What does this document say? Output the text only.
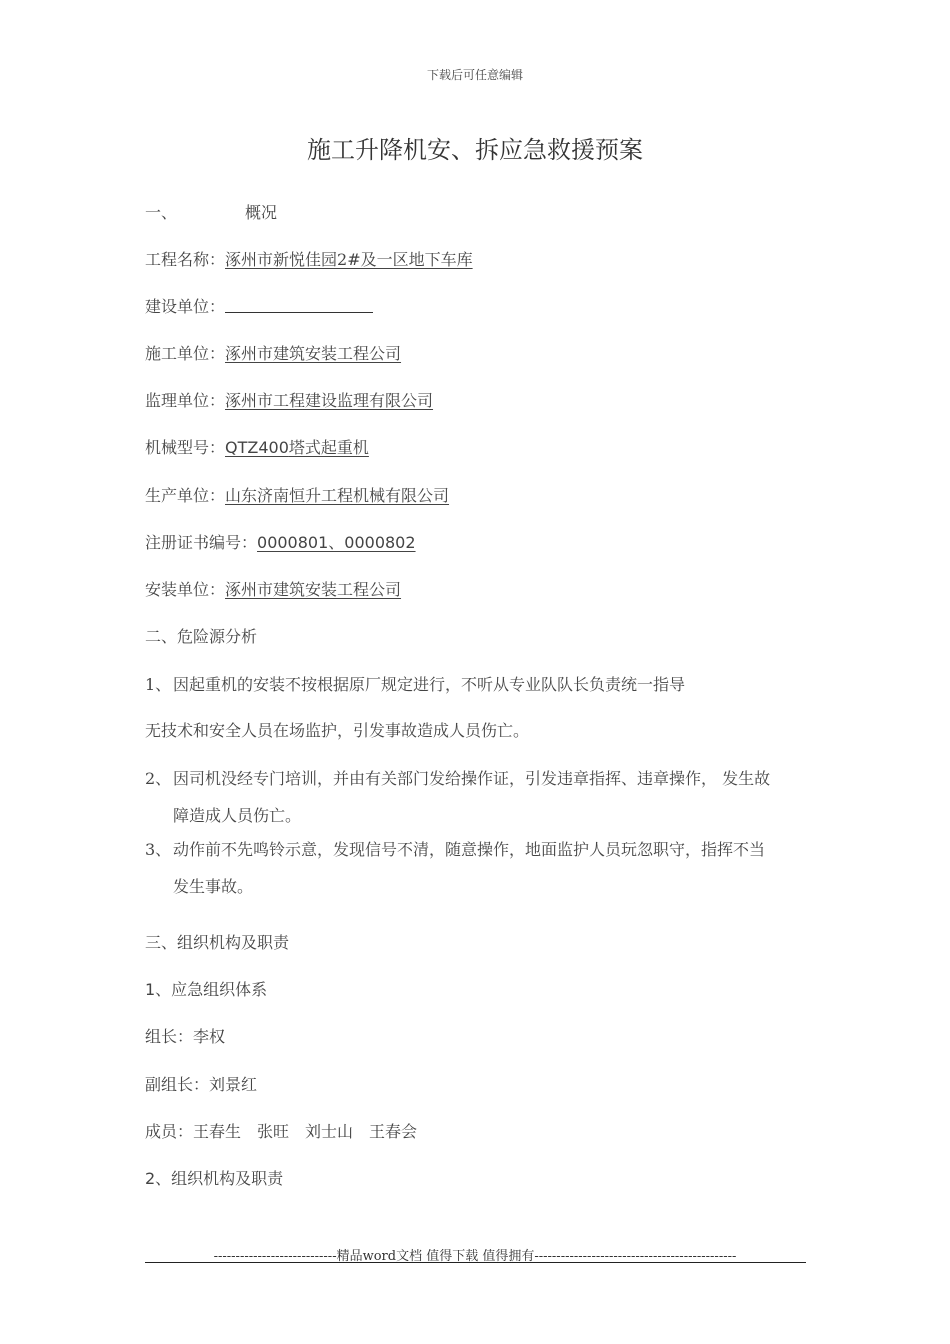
下载后可任意编辑
施工升降机安、拆应急救援预案
一、	概况
工程名称：涿州市新悦佳园2#及一区地下车库
建设单位：
施工单位：涿州市建筑安装工程公司
监理单位：涿州市工程建设监理有限公司
机械型号：QTZ400塔式起重机
生产单位：山东济南恒升工程机械有限公司
注册证书编号：0000801、0000802
安装单位：涿州市建筑安装工程公司
二、危险源分析
1、 因起重机的安装不按根据原厂规定进行，不听从专业队队长负责统一指导
无技术和安全人员在场监护，引发事故造成人员伤亡。
2、 因司机没经专门培训，并由有关部门发给操作证，引发违章指挥、违章操作， 发生故
障造成人员伤亡。
3、 动作前不先鸣铃示意，发现信号不清，随意操作，地面监护人员玩忽职守，指挥不当
发生事故。
三、组织机构及职责
1、应急组织体系
组长：李权
副组长：刘景红
成员：王春生　张旺　刘士山　王春会
2、组织机构及职责
----------------------------精品word文档 值得下载 值得拥有----------------------------------------------
